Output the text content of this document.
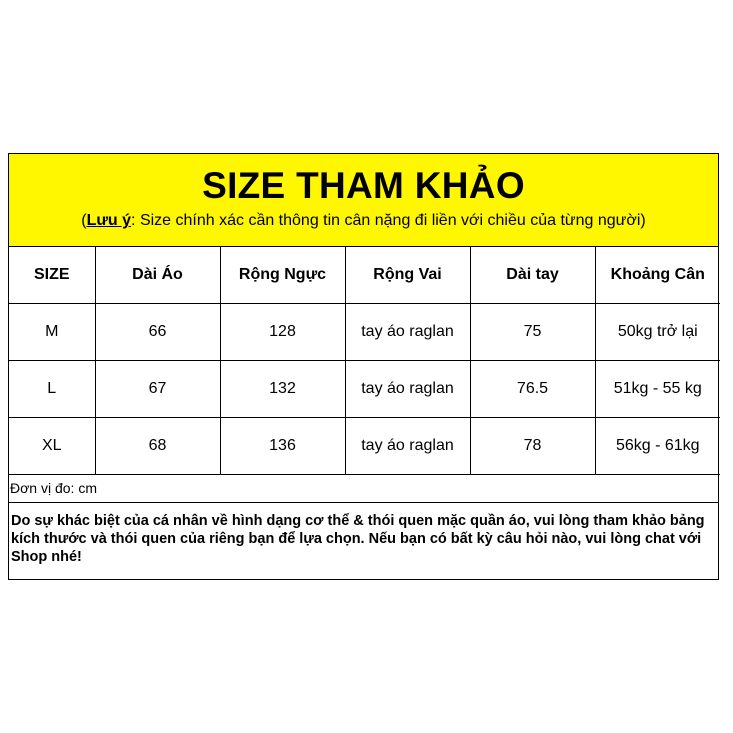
SIZE THAM KHẢO
(Lưu ý: Size chính xác cần thông tin cân nặng đi liền với chiều của từng người)
SIZE	Dài Áo	Rộng Ngực	Rộng Vai	Dài tay	Khoảng Cân
M	66	128	tay áo raglan	75	50kg trở lại
L	67	132	tay áo raglan	76.5	51kg - 55 kg
XL	68	136	tay áo raglan	78	56kg - 61kg
Đơn vị đo: cm
Do sự khác biệt của cá nhân về hình dạng cơ thể & thói quen mặc quần áo, vui lòng tham khảo bảng kích thước và thói quen của riêng bạn để lựa chọn. Nếu bạn có bất kỳ câu hỏi nào, vui lòng chat với Shop nhé!
